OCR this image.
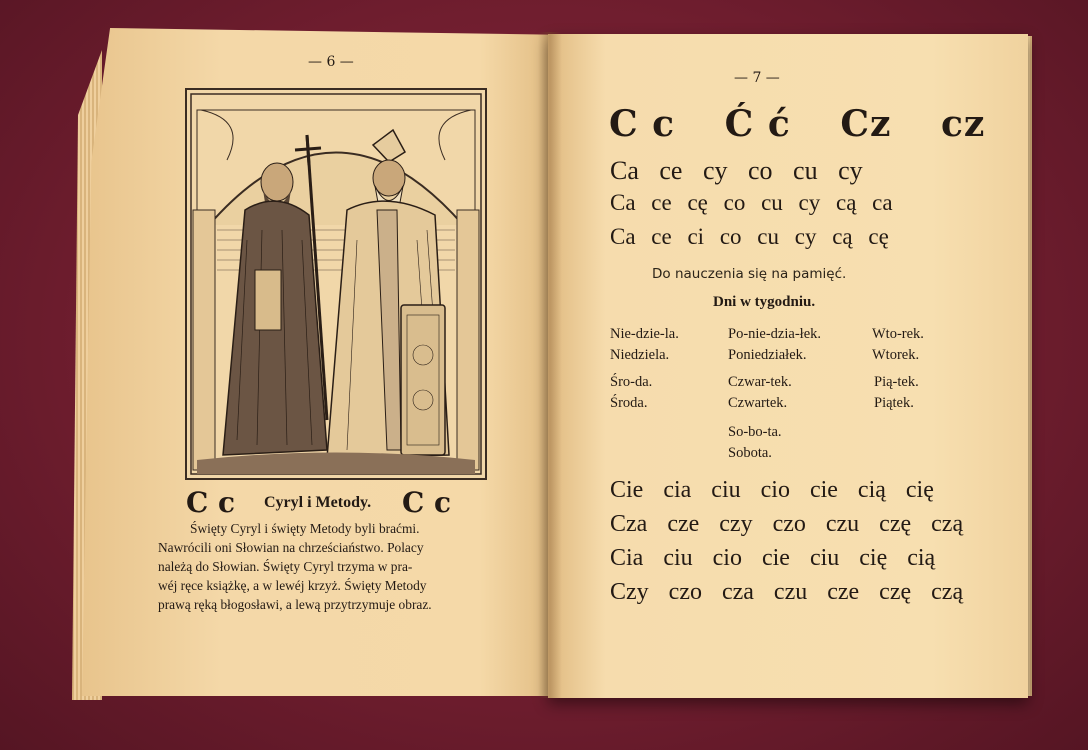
— 6 —
C c Cyryl i Metody. C c
Święty Cyryl i święty Metody byli braćmi.
Nawrócili oni Słowian na chrześciaństwo. Polacy
należą do Słowian. Święty Cyryl trzyma w pra-
wéj ręce książkę, a w lewéj krzyż. Święty Metody
prawą ręką błogosławi, a lewą przytrzymuje obraz.
— 7 —
C c Ć ć Cz cz
Ca ce cy co cu cy
Ca ce cę co cu cy cą ca
Ca ce ci co cu cy cą cę
Do nauczenia się na pamięć.
Dni w tygodniu.
Nie-dzie-la.
Niedziela.
Po-nie-dzia-łek.
Poniedziałek.
Wto-rek.
Wtorek.
Śro-da.
Środa.
Czwar-tek.
Czwartek.
Pią-tek.
Piątek.
So-bo-ta.
Sobota.
Cie cia ciu cio cie cią cię
Cza cze czy czo czu czę czą
Cia ciu cio cie ciu cię cią
Czy czo cza czu cze czę czą
